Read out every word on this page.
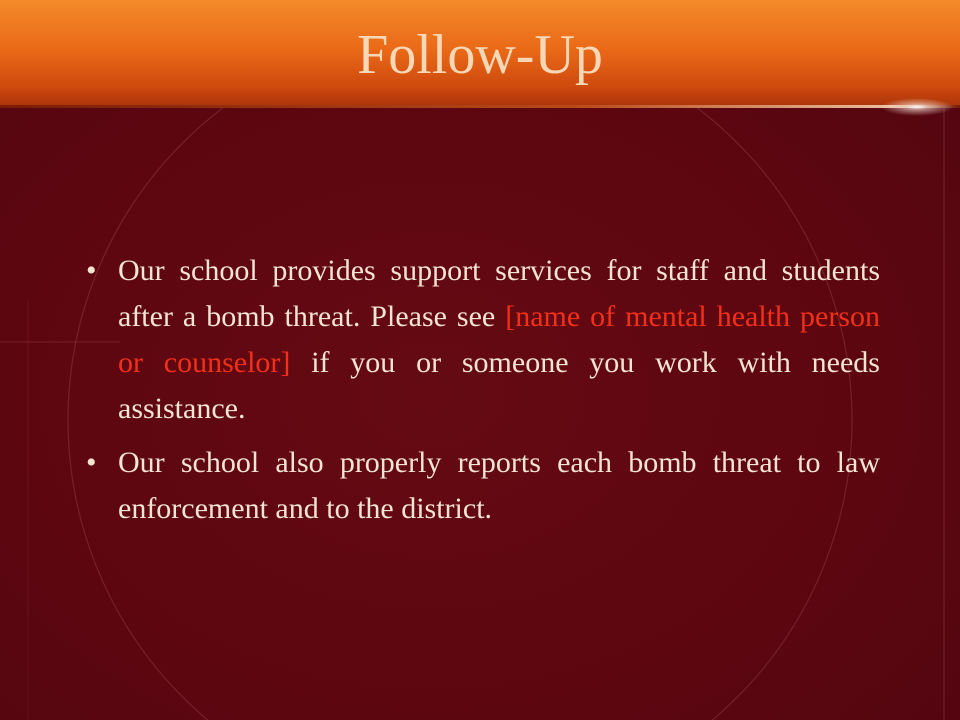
Follow-Up

• Our school provides support services for staff and students after a bomb threat. Please see [name of mental health person or counselor] if you or someone you work with needs assistance.

• Our school also properly reports each bomb threat to law enforcement and to the district.
